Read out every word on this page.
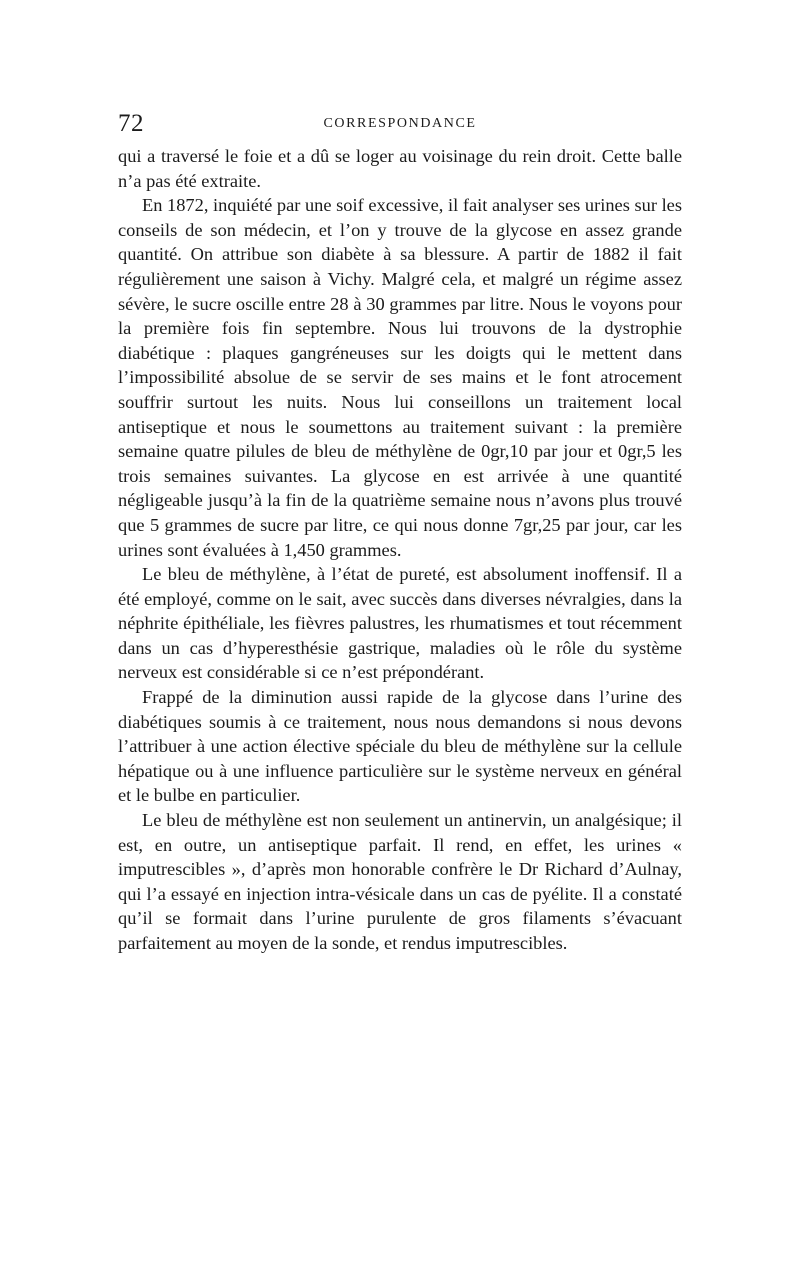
72	CORRESPONDANCE

qui a traversé le foie et a dû se loger au voisinage du rein droit. Cette balle n’a pas été extraite.

En 1872, inquiété par une soif excessive, il fait analyser ses urines sur les conseils de son médecin, et l’on y trouve de la glycose en assez grande quantité. On attribue son diabète à sa blessure. A partir de 1882 il fait régulièrement une saison à Vichy. Malgré cela, et malgré un régime assez sévère, le sucre oscille entre 28 à 30 grammes par litre. Nous le voyons pour la première fois fin septembre. Nous lui trouvons de la dystrophie diabétique : plaques gangréneuses sur les doigts qui le mettent dans l’impossibilité absolue de se servir de ses mains et le font atrocement souffrir surtout les nuits. Nous lui conseillons un traitement local antiseptique et nous le soumettons au traitement suivant : la première semaine quatre pilules de bleu de méthylène de 0gr,10 par jour et 0gr,5 les trois semaines suivantes. La glycose en est arrivée à une quantité négligeable jusqu’à la fin de la quatrième semaine nous n’avons plus trouvé que 5 grammes de sucre par litre, ce qui nous donne 7gr,25 par jour, car les urines sont évaluées à 1,450 grammes.

Le bleu de méthylène, à l’état de pureté, est absolument inoffensif. Il a été employé, comme on le sait, avec succès dans diverses névralgies, dans la néphrite épithéliale, les fièvres palustres, les rhumatismes et tout récemment dans un cas d’hyperesthésie gastrique, maladies où le rôle du système nerveux est considérable si ce n’est prépondérant.

Frappé de la diminution aussi rapide de la glycose dans l’urine des diabétiques soumis à ce traitement, nous nous demandons si nous devons l’attribuer à une action élective spéciale du bleu de méthylène sur la cellule hépatique ou à une influence particulière sur le système nerveux en général et le bulbe en particulier.

Le bleu de méthylène est non seulement un antinervin, un analgésique; il est, en outre, un antiseptique parfait. Il rend, en effet, les urines « imputrescibles », d’après mon honorable confrère le Dr Richard d’Aulnay, qui l’a essayé en injection intra-vésicale dans un cas de pyélite. Il a constaté qu’il se formait dans l’urine purulente de gros filaments s’évacuant parfaitement au moyen de la sonde, et rendus imputrescibles.
